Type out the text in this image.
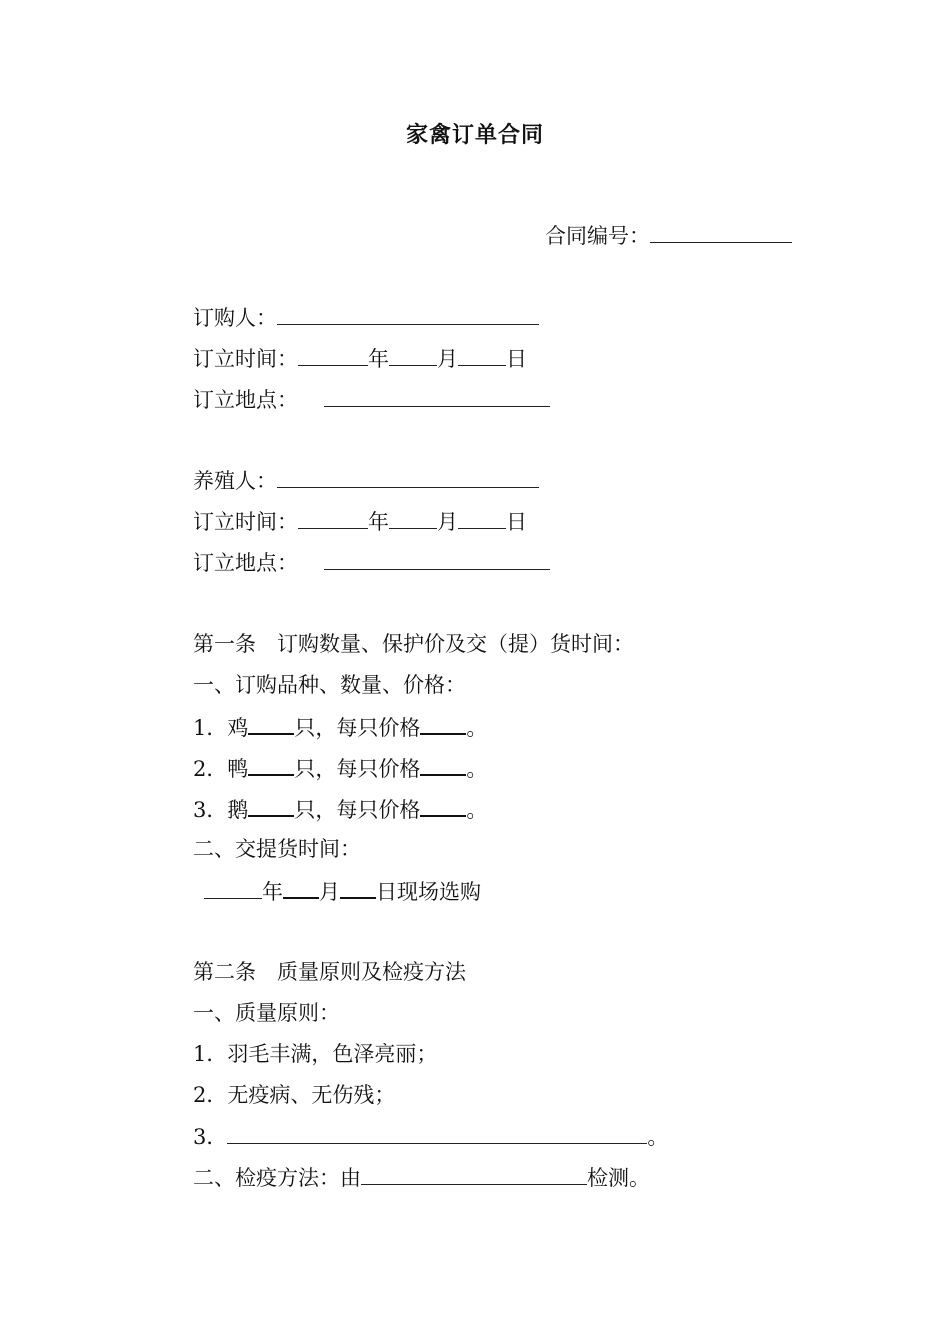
家禽订单合同
合同编号：
订购人：
订立时间：	年 月 日
订立地点：
养殖人：
订立时间：	年 月 日
订立地点：
第一条　订购数量、保护价及交（提）货时间：
一、订购品种、数量、价格：
1．鸡 只，每只价格 。
2．鸭 只，每只价格 。
3．鹅 只，每只价格 。
二、交提货时间：
年 月 日现场选购
第二条　质量原则及检疫方法
一、质量原则：
1．羽毛丰满，色泽亮丽；
2．无疫病、无伤残；
3．	。
二、检疫方法：由	检测。
